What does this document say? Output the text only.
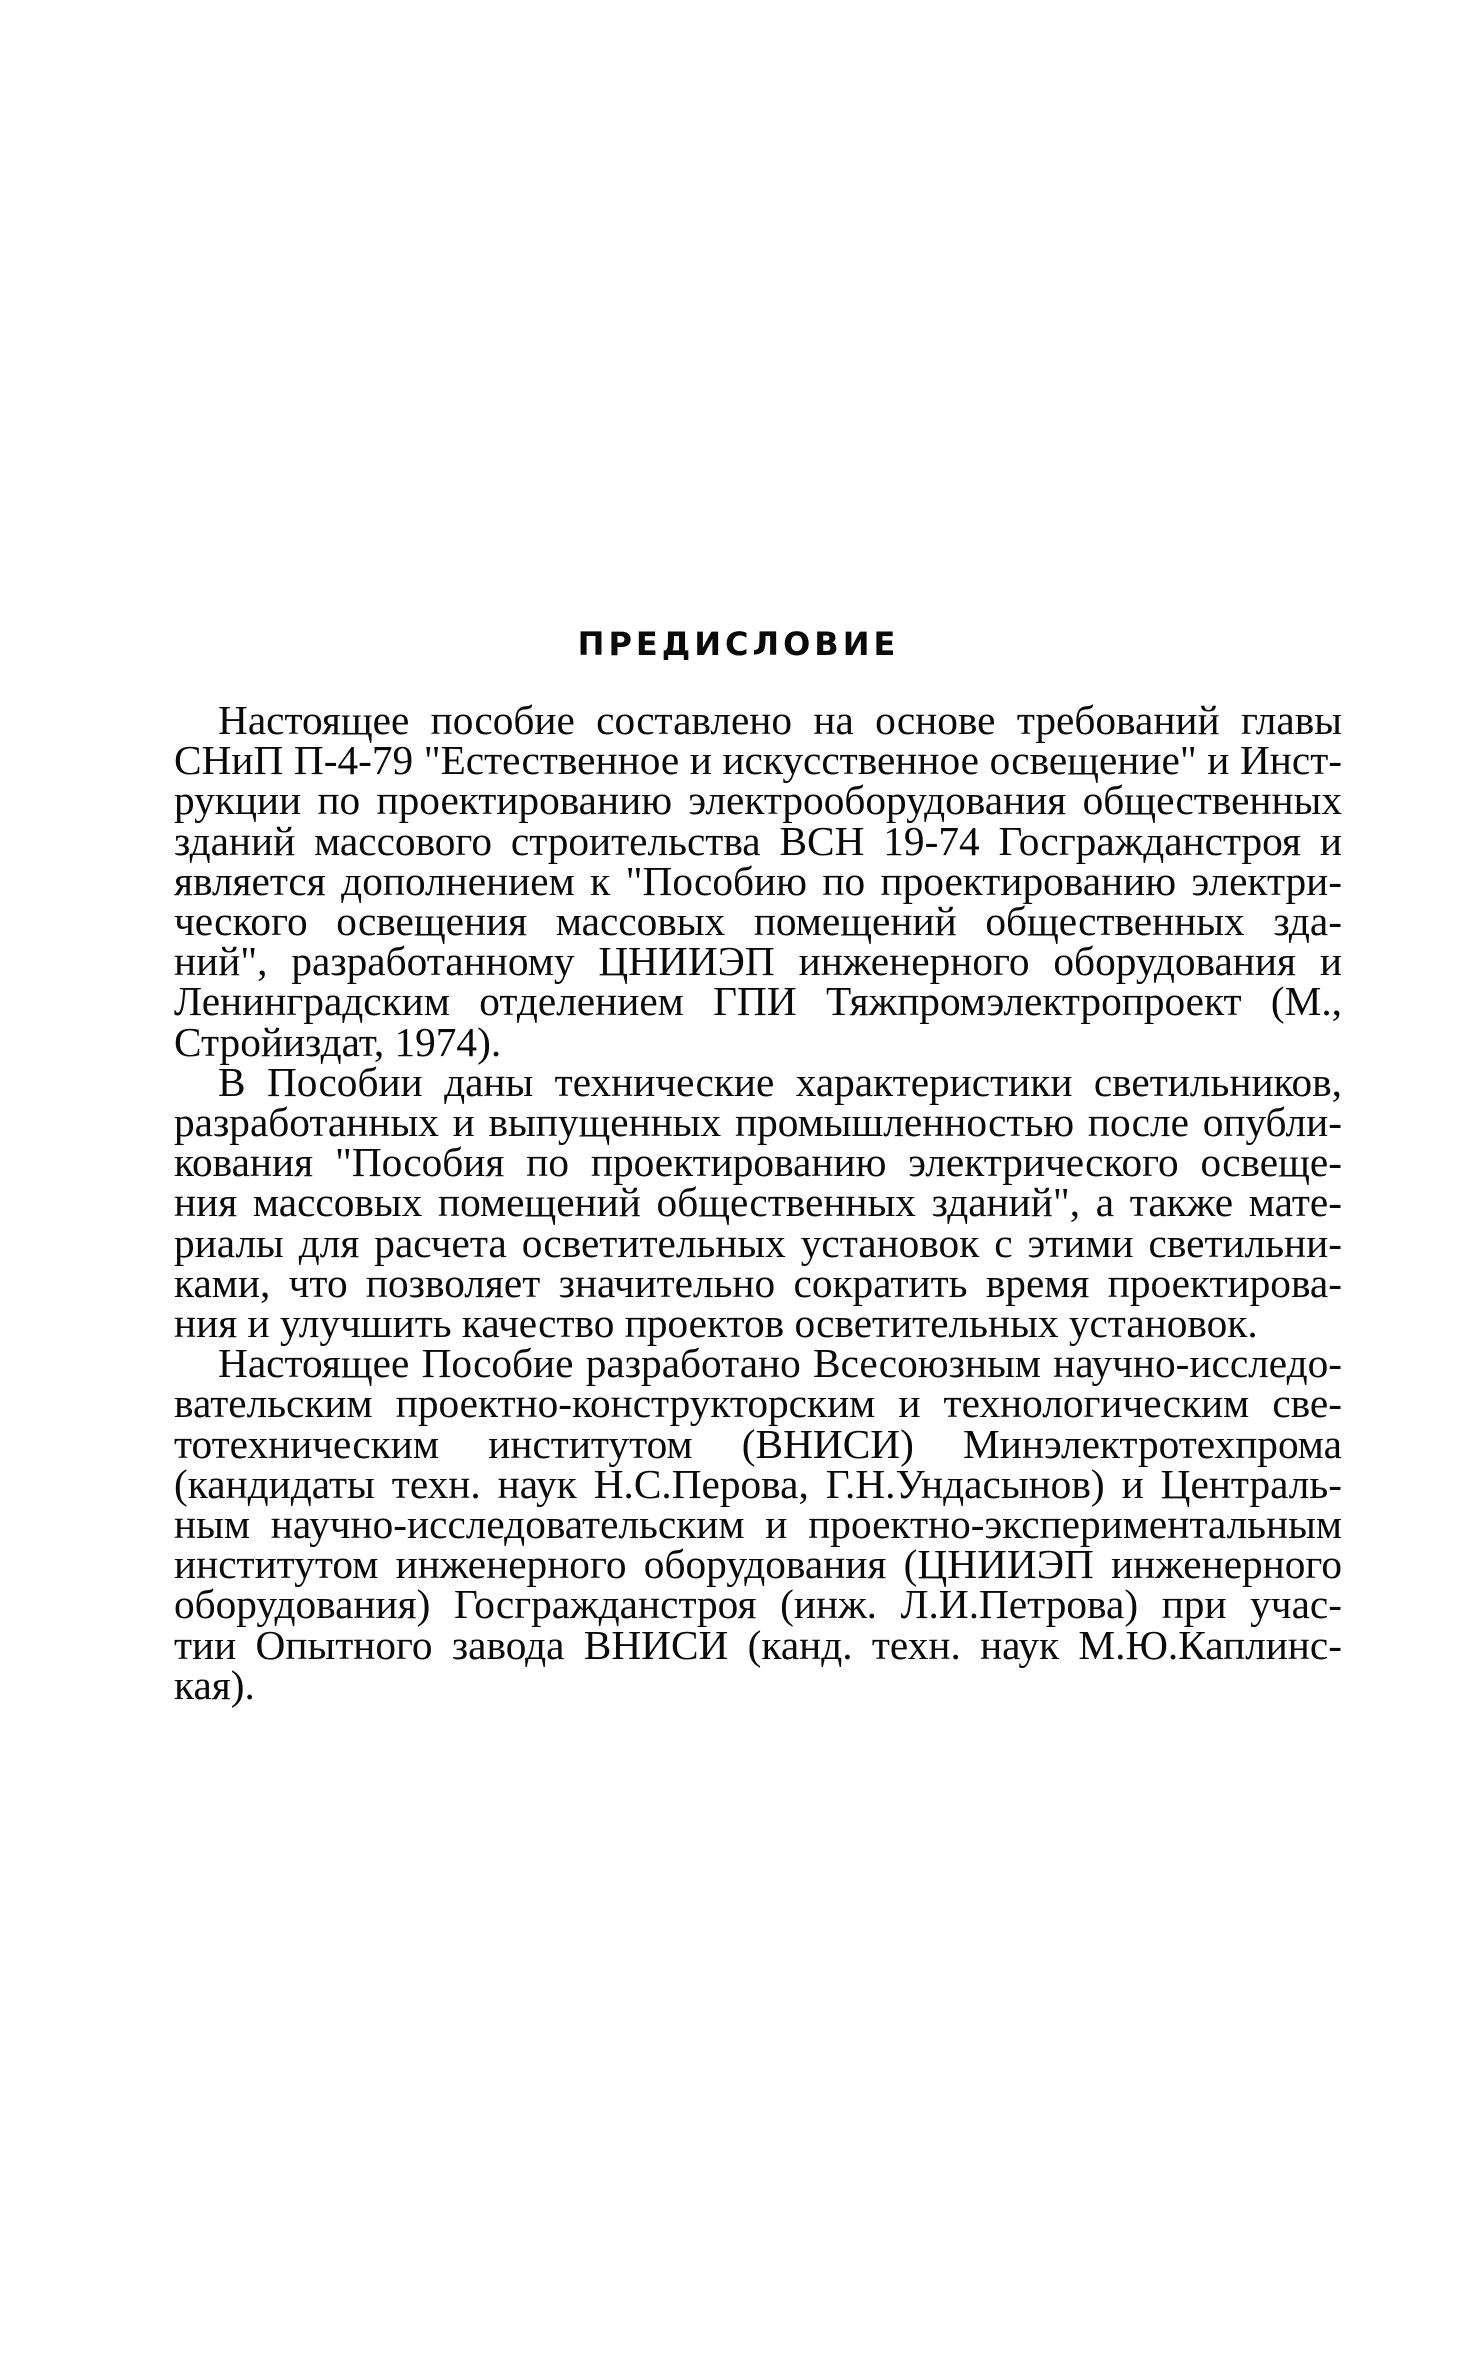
ПРЕДИСЛОВИЕ
Настоящее пособие составлено на основе требований главы
СНиП П-4-79 "Естественное и искусственное освещение" и Инст-
рукции по проектированию электрооборудования общественных
зданий массового строительства ВСН 19-74 Госгражданстроя и
является дополнением к "Пособию по проектированию электри-
ческого освещения массовых помещений общественных зда-
ний", разработанному ЦНИИЭП инженерного оборудования и
Ленинградским отделением ГПИ Тяжпромэлектропроект (М.,
Стройиздат, 1974).
В Пособии даны технические характеристики светильников,
разработанных и выпущенных промышленностью после опубли-
кования "Пособия по проектированию электрического освеще-
ния массовых помещений общественных зданий", а также мате-
риалы для расчета осветительных установок с этими светильни-
ками, что позволяет значительно сократить время проектирова-
ния и улучшить качество проектов осветительных установок.
Настоящее Пособие разработано Всесоюзным научно-исследо-
вательским проектно-конструкторским и технологическим све-
тотехническим институтом (ВНИСИ) Минэлектротехпрома
(кандидаты техн. наук Н.С.Перова, Г.Н.Ундасынов) и Централь-
ным научно-исследовательским и проектно-экспериментальным
институтом инженерного оборудования (ЦНИИЭП инженерного
оборудования) Госгражданстроя (инж. Л.И.Петрова) при учас-
тии Опытного завода ВНИСИ (канд. техн. наук М.Ю.Каплинс-
кая).
